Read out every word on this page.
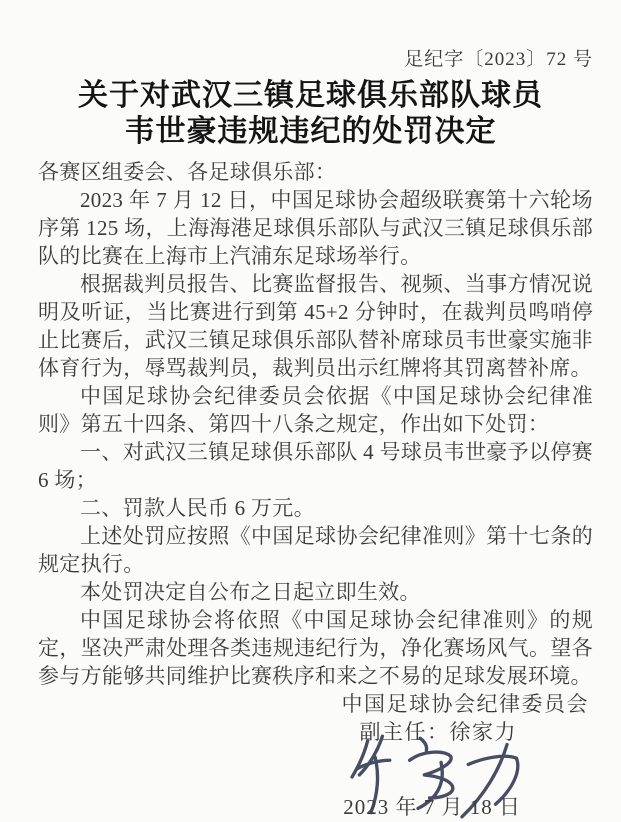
足纪字〔2023〕72 号
关于对武汉三镇足球俱乐部队球员
韦世豪违规违纪的处罚决定

各赛区组委会、各足球俱乐部：

2023 年 7 月 12 日，中国足球协会超级联赛第十六轮场序第 125 场，上海海港足球俱乐部队与武汉三镇足球俱乐部队的比赛在上海市上汽浦东足球场举行。

根据裁判员报告、比赛监督报告、视频、当事方情况说明及听证，当比赛进行到第 45+2 分钟时，在裁判员鸣哨停止比赛后，武汉三镇足球俱乐部队替补席球员韦世豪实施非体育行为，辱骂裁判员，裁判员出示红牌将其罚离替补席。

中国足球协会纪律委员会依据《中国足球协会纪律准则》第五十四条、第四十八条之规定，作出如下处罚：

一、对武汉三镇足球俱乐部队 4 号球员韦世豪予以停赛 6 场；

二、罚款人民币 6 万元。

上述处罚应按照《中国足球协会纪律准则》第十七条的规定执行。

本处罚决定自公布之日起立即生效。

中国足球协会将依照《中国足球协会纪律准则》的规定，坚决严肃处理各类违规违纪行为，净化赛场风气。望各参与方能够共同维护比赛秩序和来之不易的足球发展环境。

中国足球协会纪律委员会
副主任：徐家力
2023 年 7 月 18 日
